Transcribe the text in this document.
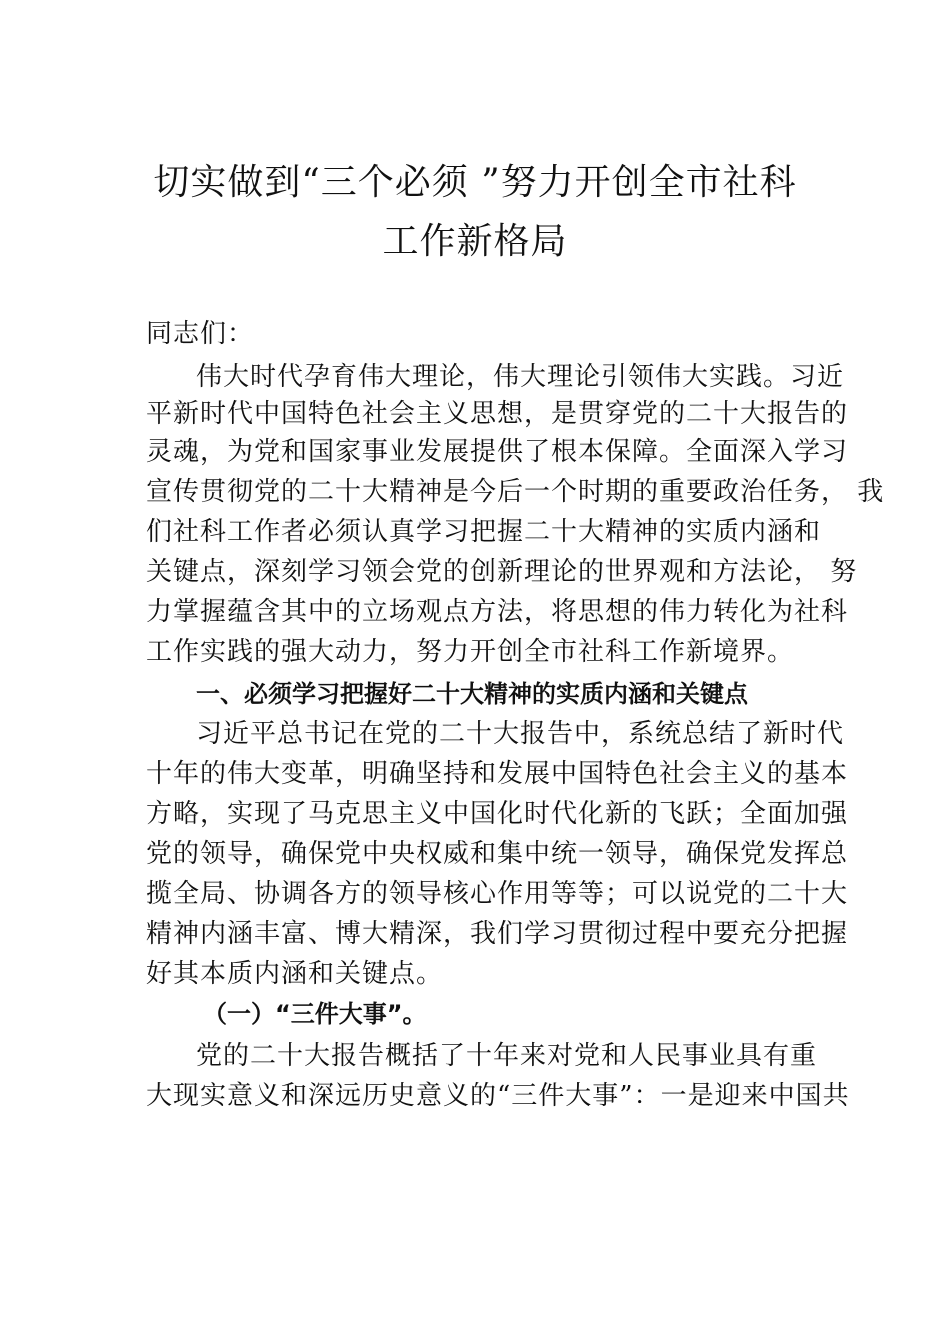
切实做到“三个必须 ”努力开创全市社科
工作新格局
同志们：
伟大时代孕育伟大理论，伟大理论引领伟大实践。习近
平新时代中国特色社会主义思想，是贯穿党的二十大报告的
灵魂，为党和国家事业发展提供了根本保障。全面深入学习
宣传贯彻党的二十大精神是今后一个时期的重要政治任务， 我
们社科工作者必须认真学习把握二十大精神的实质内涵和
关键点，深刻学习领会党的创新理论的世界观和方法论， 努
力掌握蕴含其中的立场观点方法，将思想的伟力转化为社科
工作实践的强大动力，努力开创全市社科工作新境界。
一、必须学习把握好二十大精神的实质内涵和关键点
习近平总书记在党的二十大报告中，系统总结了新时代
十年的伟大变革，明确坚持和发展中国特色社会主义的基本
方略，实现了马克思主义中国化时代化新的飞跃；全面加强
党的领导，确保党中央权威和集中统一领导，确保党发挥总
揽全局、协调各方的领导核心作用等等；可以说党的二十大
精神内涵丰富、博大精深，我们学习贯彻过程中要充分把握
好其本质内涵和关键点。
（一）“三件大事”。
党的二十大报告概括了十年来对党和人民事业具有重
大现实意义和深远历史意义的“三件大事”：一是迎来中国共
